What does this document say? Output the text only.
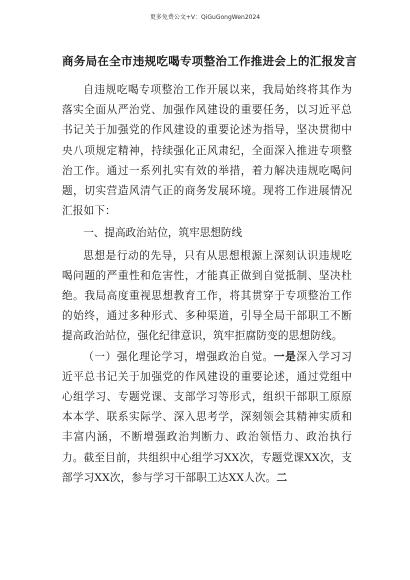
更多免费公文+V：QiGuGongWen2024
商务局在全市违规吃喝专项整治工作推进会上的汇报发言

自违规吃喝专项整治工作开展以来，我局始终将其作为落实全面从严治党、加强作风建设的重要任务，以习近平总书记关于加强党的作风建设的重要论述为指导，坚决贯彻中央八项规定精神，持续强化正风肃纪，全面深入推进专项整治工作。通过一系列扎实有效的举措，着力解决违规吃喝问题，切实营造风清气正的商务发展环境。现将工作进展情况汇报如下：

一、提高政治站位，筑牢思想防线

思想是行动的先导，只有从思想根源上深刻认识违规吃喝问题的严重性和危害性，才能真正做到自觉抵制、坚决杜绝。我局高度重视思想教育工作，将其贯穿于专项整治工作的始终，通过多种形式、多种渠道，引导全局干部职工不断提高政治站位，强化纪律意识，筑牢拒腐防变的思想防线。

（一）强化理论学习，增强政治自觉。一是深入学习习近平总书记关于加强党的作风建设的重要论述，通过党组中心组学习、专题党课、支部学习等形式，组织干部职工原原本本学、联系实际学、深入思考学，深刻领会其精神实质和丰富内涵，不断增强政治判断力、政治领悟力、政治执行力。截至目前，共组织中心组学习XX次，专题党课XX次，支部学习XX次，参与学习干部职工达XX人次。二
